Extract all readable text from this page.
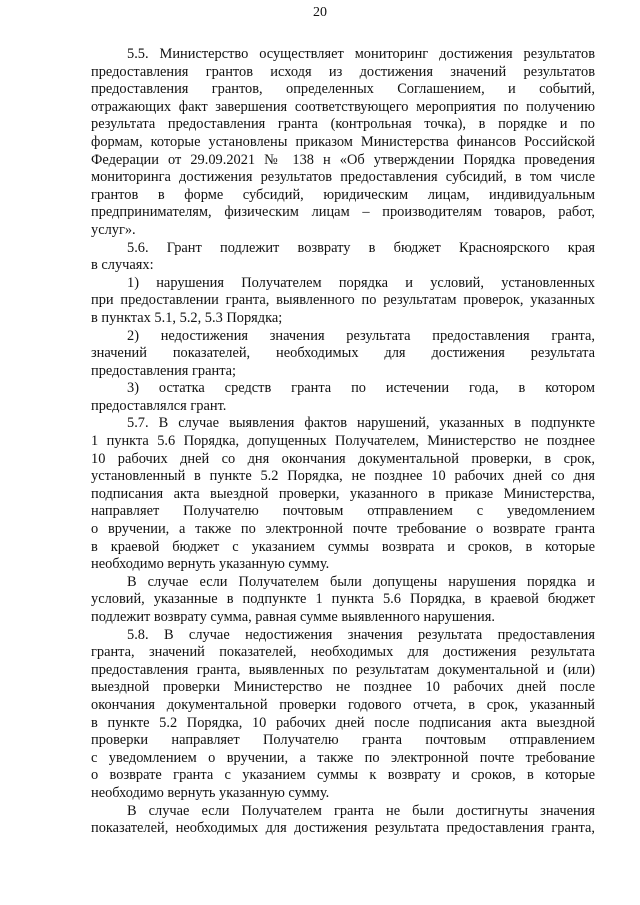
20
5.5. Министерство осуществляет мониторинг достижения результатов
предоставления грантов исходя из достижения значений результатов
предоставления грантов, определенных Соглашением, и событий,
отражающих факт завершения соответствующего мероприятия по получению
результата предоставления гранта (контрольная точка), в порядке и по
формам, которые установлены приказом Министерства финансов Российской
Федерации от 29.09.2021 № 138 н «Об утверждении Порядка проведения
мониторинга достижения результатов предоставления субсидий, в том числе
грантов в форме субсидий, юридическим лицам, индивидуальным
предпринимателям, физическим лицам – производителям товаров, работ,
услуг».
5.6. Грант подлежит возврату в бюджет Красноярского края
в случаях:
1) нарушения Получателем порядка и условий, установленных
при предоставлении гранта, выявленного по результатам проверок, указанных
в пунктах 5.1, 5.2, 5.3 Порядка;
2) недостижения значения результата предоставления гранта,
значений показателей, необходимых для достижения результата
предоставления гранта;
3) остатка средств гранта по истечении года, в котором
предоставлялся грант.
5.7. В случае выявления фактов нарушений, указанных в подпункте
1 пункта 5.6 Порядка, допущенных Получателем, Министерство не позднее
10 рабочих дней со дня окончания документальной проверки, в срок,
установленный в пункте 5.2 Порядка, не позднее 10 рабочих дней со дня
подписания акта выездной проверки, указанного в приказе Министерства,
направляет Получателю почтовым отправлением с уведомлением
о вручении, а также по электронной почте требование о возврате гранта
в краевой бюджет с указанием суммы возврата и сроков, в которые
необходимо вернуть указанную сумму.
В случае если Получателем были допущены нарушения порядка и
условий, указанные в подпункте 1 пункта 5.6 Порядка, в краевой бюджет
подлежит возврату сумма, равная сумме выявленного нарушения.
5.8. В случае недостижения значения результата предоставления
гранта, значений показателей, необходимых для достижения результата
предоставления гранта, выявленных по результатам документальной и (или)
выездной проверки Министерство не позднее 10 рабочих дней после
окончания документальной проверки годового отчета, в срок, указанный
в пункте 5.2 Порядка, 10 рабочих дней после подписания акта выездной
проверки направляет Получателю гранта почтовым отправлением
с уведомлением о вручении, а также по электронной почте требование
о возврате гранта с указанием суммы к возврату и сроков, в которые
необходимо вернуть указанную сумму.
В случае если Получателем гранта не были достигнуты значения
показателей, необходимых для достижения результата предоставления гранта,
